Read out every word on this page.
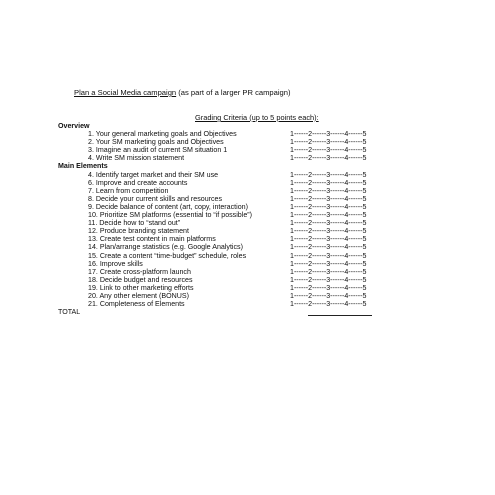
Plan a Social Media campaign (as part of a larger PR campaign)
Grading Criteria (up to 5 points each):
Overview
1. Your general marketing goals and Objectives	1------2------3------4------5
2. Your SM marketing goals and Objectives	1------2------3------4------5
3. Imagine an audit of current SM situation 1	1------2------3------4------5
4. Write SM mission statement	1------2------3------4------5
Main Elements
4. Identify target market and their SM use	1------2------3------4------5
6. Improve and create accounts	1------2------3------4------5
7. Learn from competition	1------2------3------4------5
8. Decide your current skills and resources	1------2------3------4------5
9. Decide balance of content (art, copy, interaction)	1------2------3------4------5
10. Prioritize SM platforms (essential to “if possible”)	1------2------3------4------5
11. Decide how to “stand out”	1------2------3------4------5
12. Produce branding statement	1------2------3------4------5
13. Create test content in main platforms	1------2------3------4------5
14. Plan/arrange statistics (e.g. Google Analytics)	1------2------3------4------5
15. Create a content “time-budget” schedule, roles	1------2------3------4------5
16. Improve skills	1------2------3------4------5
17. Create cross-platform launch	1------2------3------4------5
18. Decide budget and resources	1------2------3------4------5
19. Link to other marketing efforts	1------2------3------4------5
20. Any other element (BONUS)	1------2------3------4------5
21. Completeness of Elements	1------2------3------4------5
TOTAL
